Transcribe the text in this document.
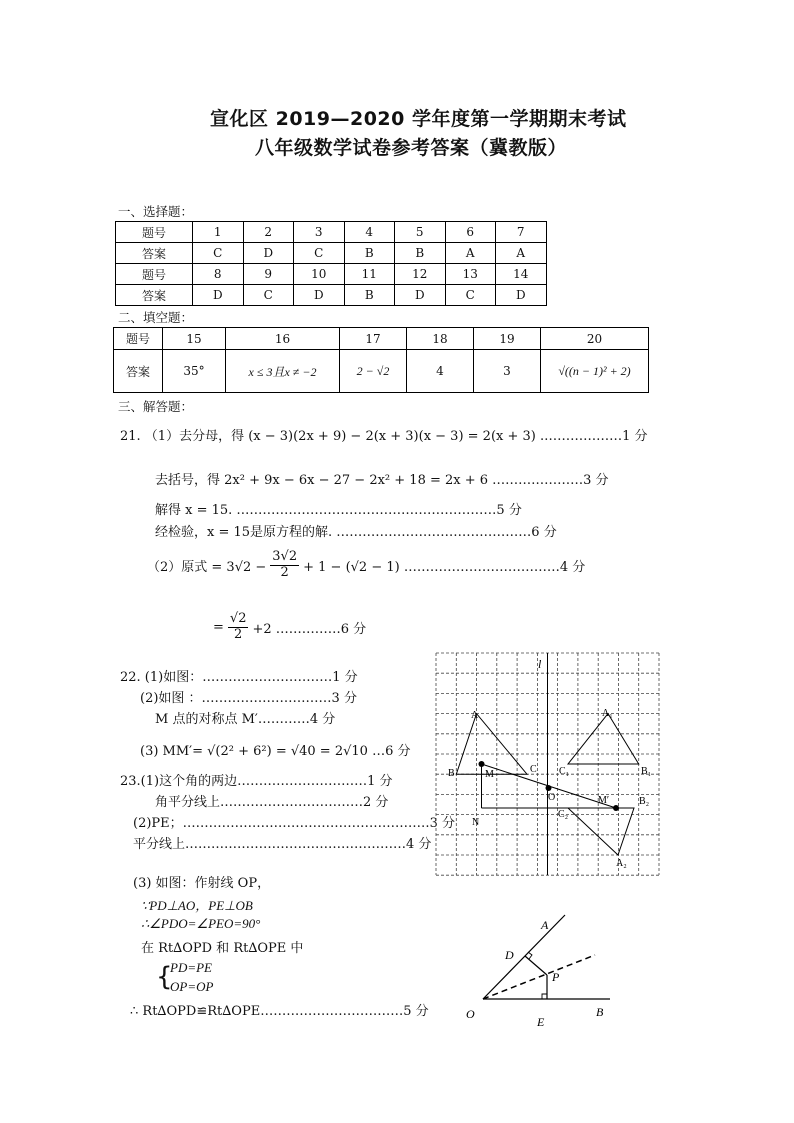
宣化区 2019—2020 学年度第一学期期末考试
八年级数学试卷参考答案（冀教版）
一、选择题：
题号	1	2	3	4	5	6	7
答案	C	D	C	B	B	A	A
题号	8	9	10	11	12	13	14
答案	D	C	D	B	D	C	D
二、填空题：
题号	15	16	17	18	19	20
答案	35°	x ≤ 3且x ≠ −2	2 − √2	4	3	√((n − 1)² + 2)
三、解答题：
21. （1）去分母，得 (x − 3)(2x + 9) − 2(x + 3)(x − 3) = 2(x + 3) .………………1 分
去括号，得 2x² + 9x − 6x − 27 − 2x² + 18 = 2x + 6 …………………3 分
解得 x = 15. ……………………………………………………5 分
经检验，x = 15是原方程的解. ………………………………………6 分
（2）原式 = $3√2 - \frac{3√2}{2} + 1 - (√2 - 1)$ ………………………………4 分
= $\frac{√2}{2} +2$ ……………6 分
22. (1)如图：…………………………1 分
(2)如图 ：…………………………3 分
M 点的对称点 M′…………4 分
(3) MM′= √(2² + 6²) = √40 = 2√10 …6 分
23.(1)这个角的两边…………………………1 分
角平分线上……………………………2 分
(2)PE；…………………………………………………3 分
平分线上……………………………………………4 分
(3) 如图：作射线 OP，
∵PD⊥AO，PE⊥OB
∴∠PDO=∠PEO=90°
在 Rt∆OPD 和 Rt∆OPE 中
{
PD=PE
OP=OP
∴ Rt∆OPD≌Rt∆OPE……………………………5 分
l
A	A₁
A₂
B	B₁
B₂
C C₁
C₂
M
M′
N
O
A
B
D
E
O
P
